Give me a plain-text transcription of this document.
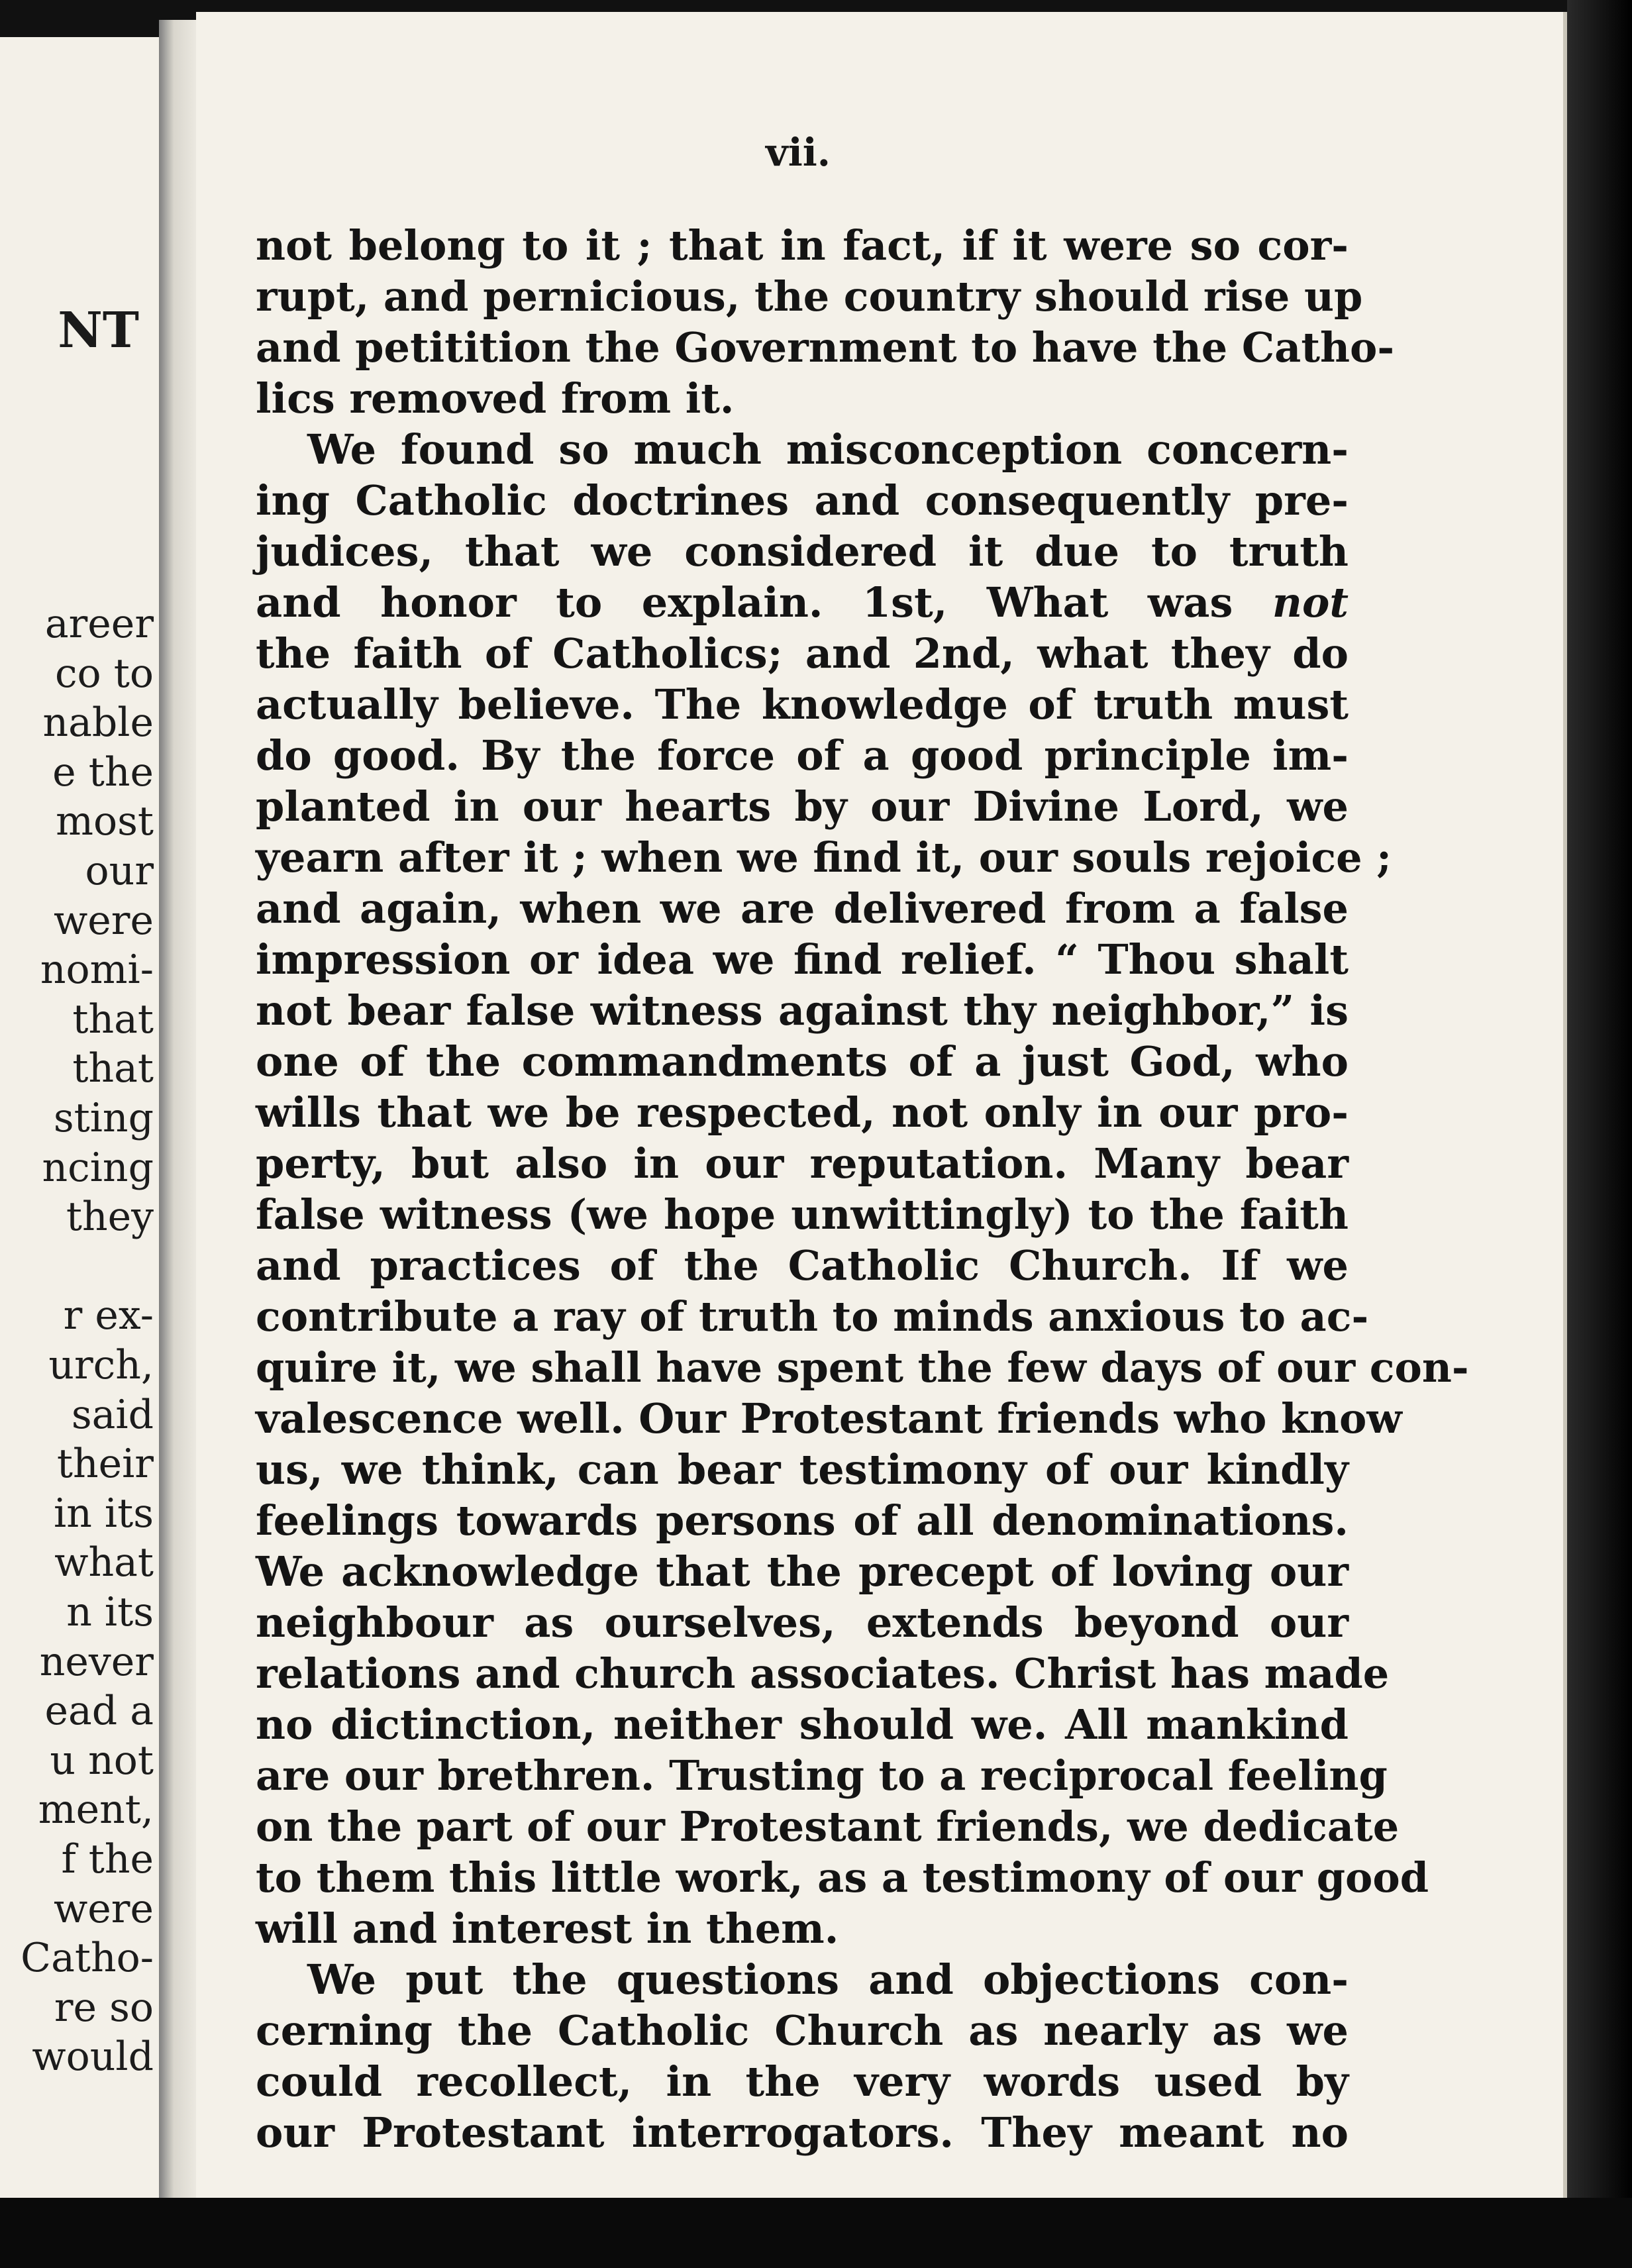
NT
areer
co to
nable
e the
most
our
were
nomi-
that
that
sting
ncing
they
r ex-
urch,
said
their
in its
what
n its
never
ead a
u not
ment,
f the
were
Catho-
re so
would
vii.
not belong to it ; that in fact, if it were so cor-
rupt, and pernicious, the country should rise up
and petitition the Government to have the Catho-
lics removed from it.
We found so much misconception concern-
ing Catholic doctrines and consequently pre-
judices, that we considered it due to truth
and honor to explain. 1st, What was not
the faith of Catholics; and 2nd, what they do
actually believe. The knowledge of truth must
do good. By the force of a good principle im-
planted in our hearts by our Divine Lord, we
yearn after it ; when we find it, our souls rejoice ;
and again, when we are delivered from a false
impression or idea we find relief. “ Thou shalt
not bear false witness against thy neighbor,” is
one of the commandments of a just God, who
wills that we be respected, not only in our pro-
perty, but also in our reputation. Many bear
false witness (we hope unwittingly) to the faith
and practices of the Catholic Church. If we
contribute a ray of truth to minds anxious to ac-
quire it, we shall have spent the few days of our con-
valescence well. Our Protestant friends who know
us, we think, can bear testimony of our kindly
feelings towards persons of all denominations.
We acknowledge that the precept of loving our
neighbour as ourselves, extends beyond our
relations and church associates. Christ has made
no dictinction, neither should we. All mankind
are our brethren. Trusting to a reciprocal feeling
on the part of our Protestant friends, we dedicate
to them this little work, as a testimony of our good
will and interest in them.
We put the questions and objections con-
cerning the Catholic Church as nearly as we
could recollect, in the very words used by
our Protestant interrogators. They meant no
